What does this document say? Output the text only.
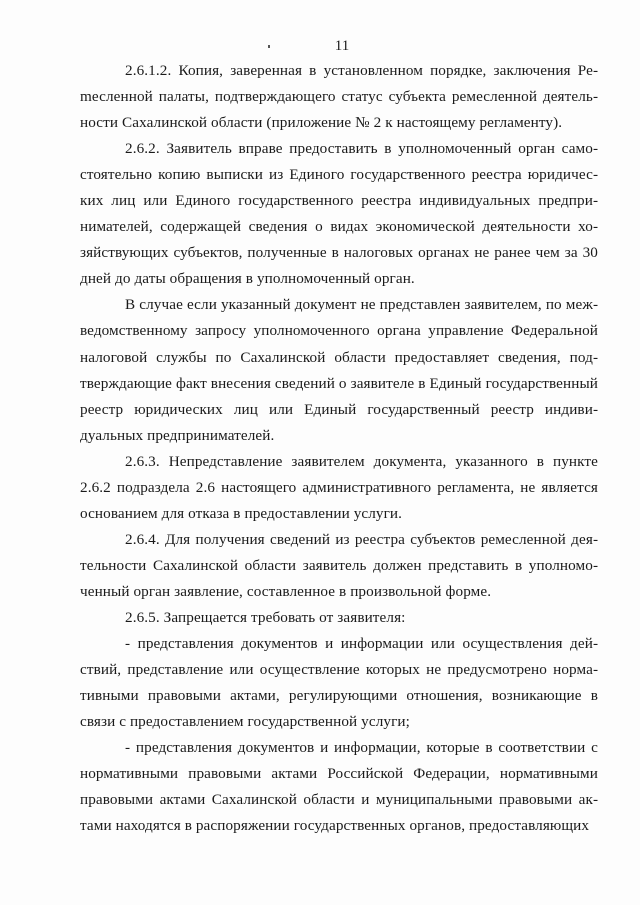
11

2.6.1.2. Копия, заверенная в установленном порядке, заключения Реmесленной палаты, подтверждающего статус субъекта ремесленной деятельности Сахалинской области (приложение № 2 к настоящему регламенту).

2.6.2. Заявитель вправе предоставить в уполномоченный орган самостоятельно копию выписки из Единого государственного реестра юридических лиц или Единого государственного реестра индивидуальных предпринимателей, содержащей сведения о видах экономической деятельности хозяйствующих субъектов, полученные в налоговых органах не ранее чем за 30 дней до даты обращения в уполномоченный орган.

В случае если указанный документ не представлен заявителем, по межведомственному запросу уполномоченного органа управление Федеральной налоговой службы по Сахалинской области предоставляет сведения, подтверждающие факт внесения сведений о заявителе в Единый государственный реестр юридических лиц или Единый государственный реестр индивидуальных предпринимателей.

2.6.3. Непредставление заявителем документа, указанного в пункте 2.6.2 подраздела 2.6 настоящего административного регламента, не является основанием для отказа в предоставлении услуги.

2.6.4. Для получения сведений из реестра субъектов ремесленной деятельности Сахалинской области заявитель должен представить в уполномоченный орган заявление, составленное в произвольной форме.

2.6.5. Запрещается требовать от заявителя:

- представления документов и информации или осуществления действий, представление или осуществление которых не предусмотрено нормативными правовыми актами, регулирующими отношения, возникающие в связи с предоставлением государственной услуги;

- представления документов и информации, которые в соответствии с нормативными правовыми актами Российской Федерации, нормативными правовыми актами Сахалинской области и муниципальными правовыми актами находятся в распоряжении государственных органов, предоставляющих
